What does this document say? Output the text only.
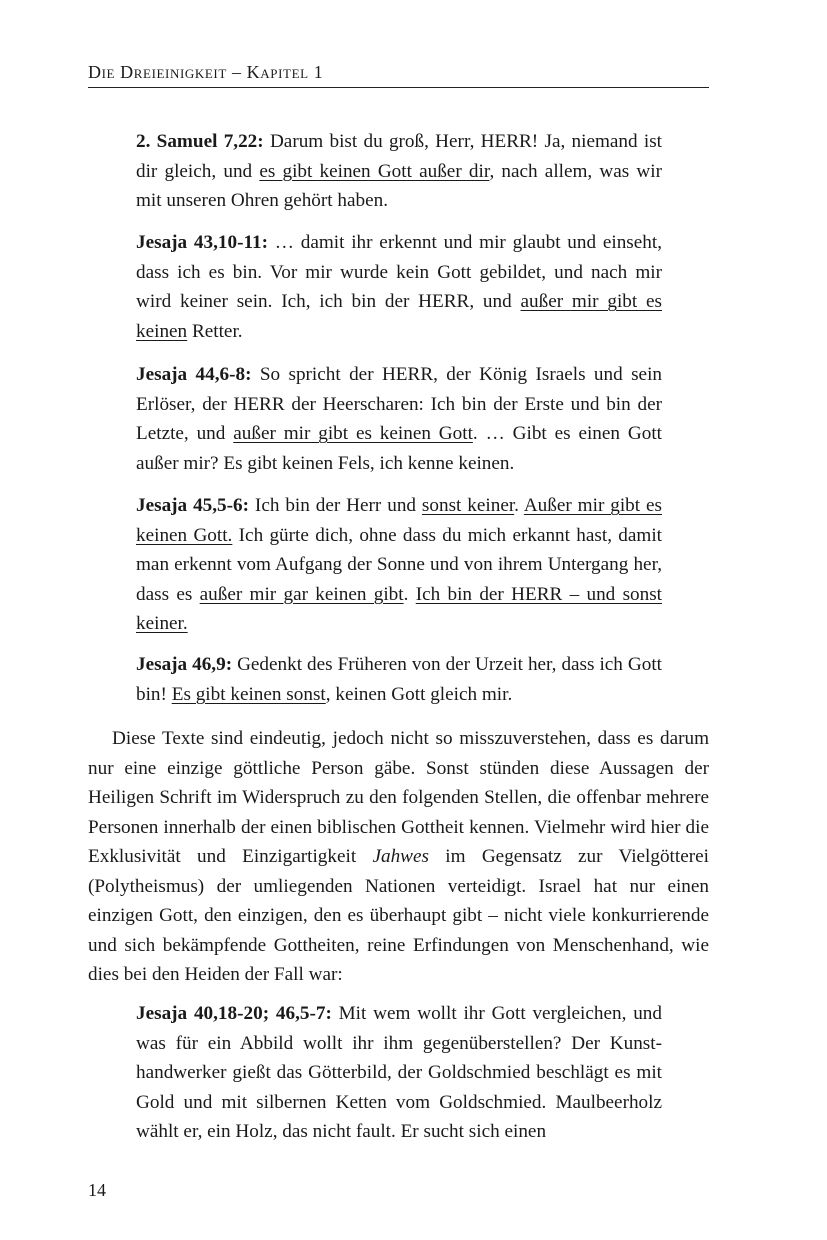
Die Dreieinigkeit – Kapitel 1

2. Samuel 7,22: Darum bist du groß, Herr, HERR! Ja, niemand ist dir gleich, und es gibt keinen Gott außer dir, nach allem, was wir mit unseren Ohren gehört haben.

Jesaja 43,10-11: … damit ihr erkennt und mir glaubt und einseht, dass ich es bin. Vor mir wurde kein Gott gebildet, und nach mir wird keiner sein. Ich, ich bin der HERR, und außer mir gibt es keinen Retter.

Jesaja 44,6-8: So spricht der HERR, der König Israels und sein Erlöser, der HERR der Heerscharen: Ich bin der Erste und bin der Letzte, und außer mir gibt es keinen Gott. … Gibt es einen Gott außer mir? Es gibt keinen Fels, ich kenne keinen.

Jesaja 45,5-6: Ich bin der Herr und sonst keiner. Außer mir gibt es keinen Gott. Ich gürte dich, ohne dass du mich erkannt hast, damit man erkennt vom Aufgang der Sonne und von ihrem Untergang her, dass es außer mir gar keinen gibt. Ich bin der HERR – und sonst keiner.

Jesaja 46,9: Gedenkt des Früheren von der Urzeit her, dass ich Gott bin! Es gibt keinen sonst, keinen Gott gleich mir.

Diese Texte sind eindeutig, jedoch nicht so misszuverstehen, dass es darum nur eine einzige göttliche Person gäbe. Sonst stünden diese Aussagen der Heiligen Schrift im Widerspruch zu den folgenden Stellen, die offenbar mehrere Personen innerhalb der einen biblischen Gottheit kennen. Vielmehr wird hier die Exklusivität und Einzigartigkeit Jahwes im Gegensatz zur Vielgötterei (Polytheismus) der umliegenden Nationen verteidigt. Israel hat nur einen einzigen Gott, den einzigen, den es überhaupt gibt – nicht viele konkurrierende und sich bekämpfende Gottheiten, reine Erfindungen von Menschenhand, wie dies bei den Heiden der Fall war:

Jesaja 40,18-20; 46,5-7: Mit wem wollt ihr Gott vergleichen, und was für ein Abbild wollt ihr ihm gegenüberstellen? Der Kunsthandwerker gießt das Götterbild, der Goldschmied beschlägt es mit Gold und mit silbernen Ketten vom Goldschmied. Maulbeerholz wählt er, ein Holz, das nicht fault. Er sucht sich einen

14
